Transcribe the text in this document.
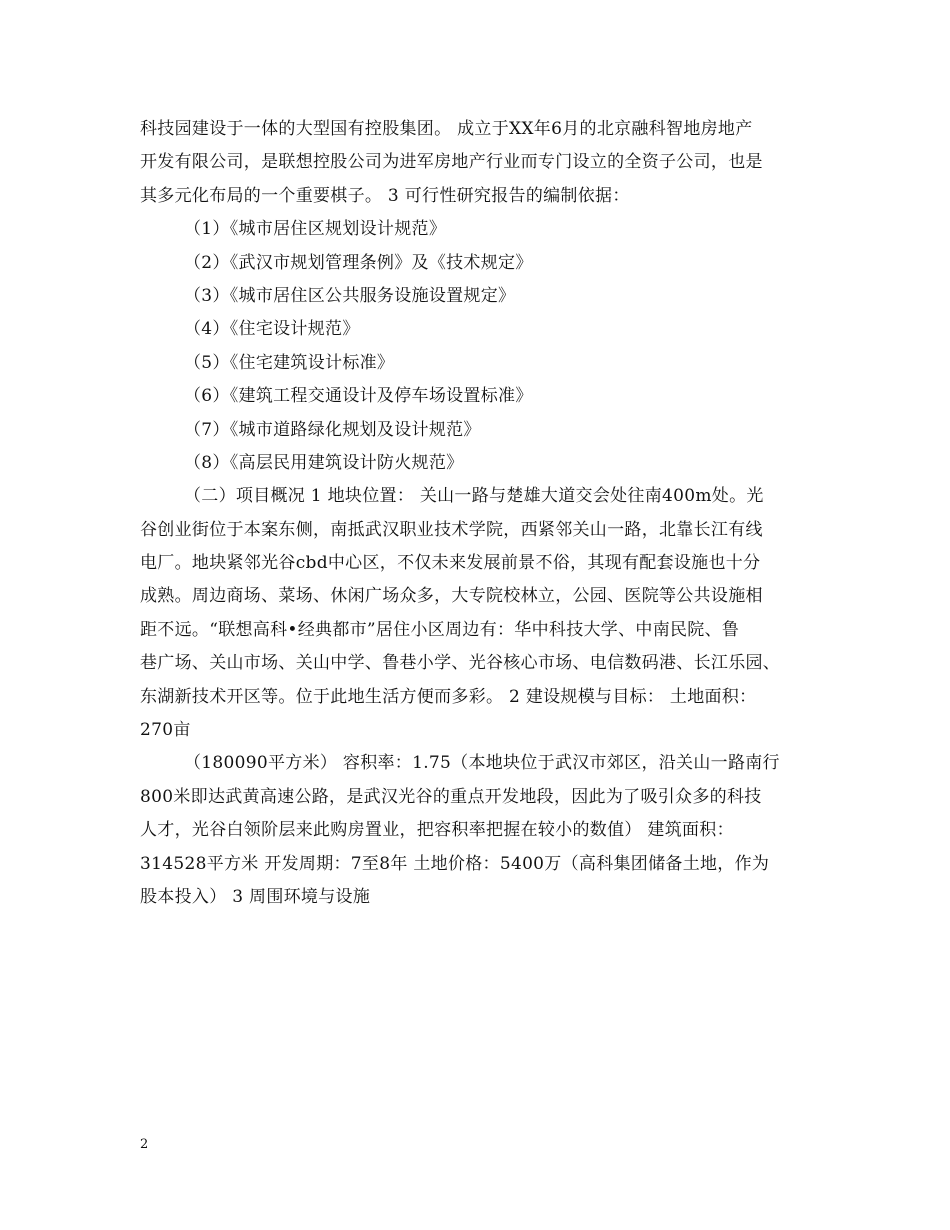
科技园建设于一体的大型国有控股集团。 成立于XX年6月的北京融科智地房地产
开发有限公司，是联想控股公司为进军房地产行业而专门设立的全资子公司，也是
其多元化布局的一个重要棋子。 3 可行性研究报告的编制依据：
（1）《城市居住区规划设计规范》
（2）《武汉市规划管理条例》及《技术规定》
（3）《城市居住区公共服务设施设置规定》
（4）《住宅设计规范》
（5）《住宅建筑设计标准》
（6）《建筑工程交通设计及停车场设置标准》
（7）《城市道路绿化规划及设计规范》
（8）《高层民用建筑设计防火规范》
（二）项目概况 1 地块位置： 关山一路与楚雄大道交会处往南400m处。光
谷创业街位于本案东侧，南抵武汉职业技术学院，西紧邻关山一路，北靠长江有线
电厂。地块紧邻光谷cbd中心区，不仅未来发展前景不俗，其现有配套设施也十分
成熟。周边商场、菜场、休闲广场众多，大专院校林立，公园、医院等公共设施相
距不远。“联想高科•经典都市”居住小区周边有：华中科技大学、中南民院、鲁
巷广场、关山市场、关山中学、鲁巷小学、光谷核心市场、电信数码港、长江乐园、
东湖新技术开区等。位于此地生活方便而多彩。 2 建设规模与目标： 土地面积：
270亩
（180090平方米） 容积率：1.75（本地块位于武汉市郊区，沿关山一路南行
800米即达武黄高速公路，是武汉光谷的重点开发地段，因此为了吸引众多的科技
人才，光谷白领阶层来此购房置业，把容积率把握在较小的数值） 建筑面积：
314528平方米 开发周期：7至8年 土地价格：5400万（高科集团储备土地，作为
股本投入） 3 周围环境与设施
2
